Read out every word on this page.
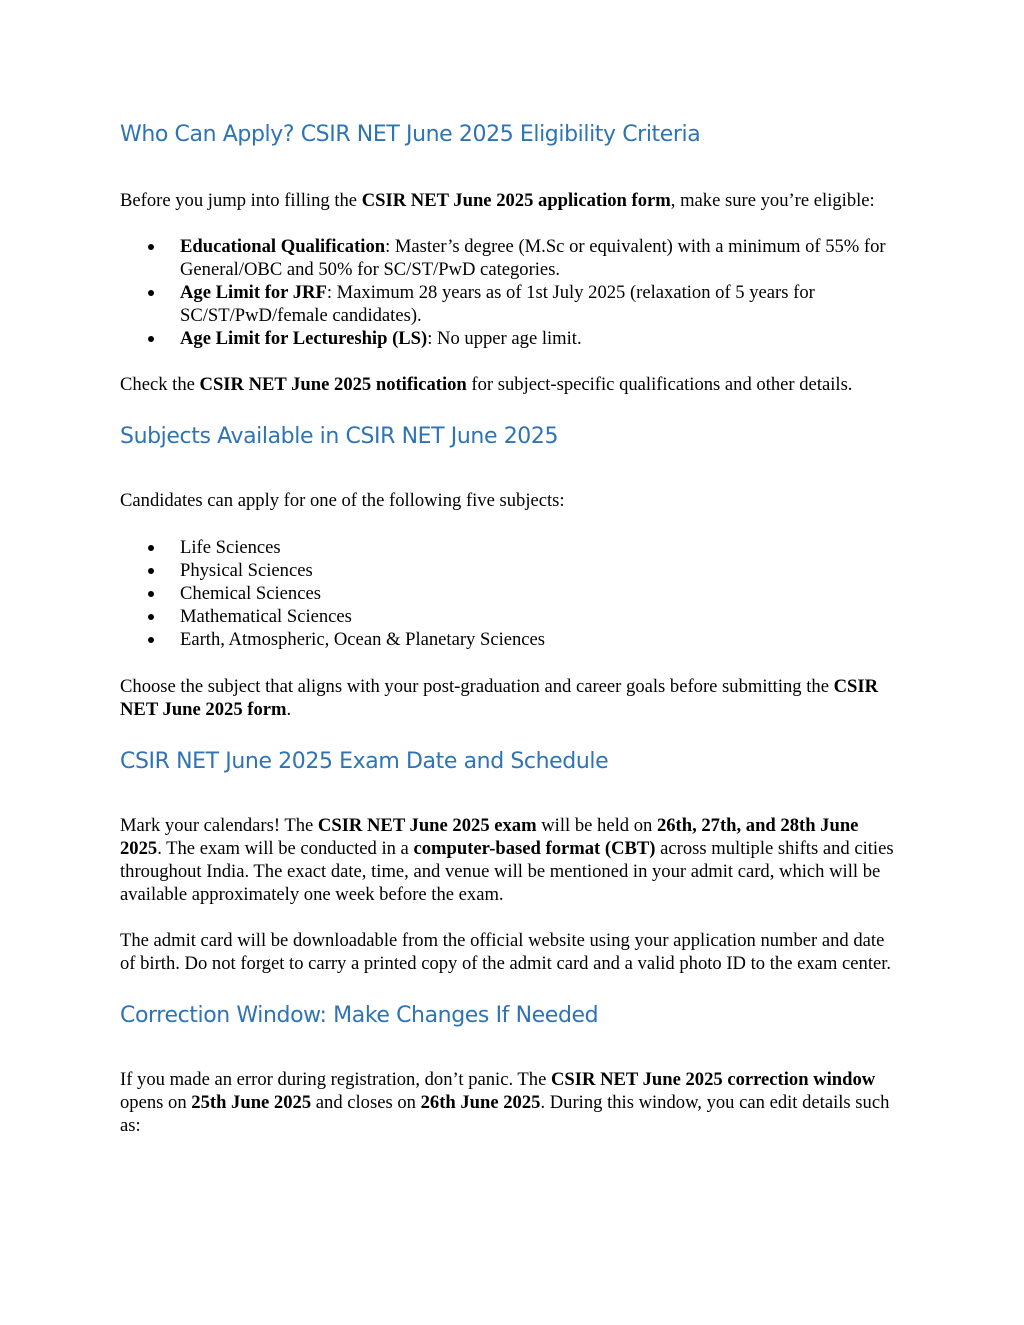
Who Can Apply? CSIR NET June 2025 Eligibility Criteria

Before you jump into filling the CSIR NET June 2025 application form, make sure you’re eligible:

Educational Qualification: Master’s degree (M.Sc or equivalent) with a minimum of 55% for General/OBC and 50% for SC/ST/PwD categories.
Age Limit for JRF: Maximum 28 years as of 1st July 2025 (relaxation of 5 years for SC/ST/PwD/female candidates).
Age Limit for Lectureship (LS): No upper age limit.

Check the CSIR NET June 2025 notification for subject-specific qualifications and other details.

Subjects Available in CSIR NET June 2025

Candidates can apply for one of the following five subjects:

Life Sciences
Physical Sciences
Chemical Sciences
Mathematical Sciences
Earth, Atmospheric, Ocean & Planetary Sciences

Choose the subject that aligns with your post-graduation and career goals before submitting the CSIR NET June 2025 form.

CSIR NET June 2025 Exam Date and Schedule

Mark your calendars! The CSIR NET June 2025 exam will be held on 26th, 27th, and 28th June 2025. The exam will be conducted in a computer-based format (CBT) across multiple shifts and cities throughout India. The exact date, time, and venue will be mentioned in your admit card, which will be available approximately one week before the exam.

The admit card will be downloadable from the official website using your application number and date of birth. Do not forget to carry a printed copy of the admit card and a valid photo ID to the exam center.

Correction Window: Make Changes If Needed

If you made an error during registration, don’t panic. The CSIR NET June 2025 correction window opens on 25th June 2025 and closes on 26th June 2025. During this window, you can edit details such as:
